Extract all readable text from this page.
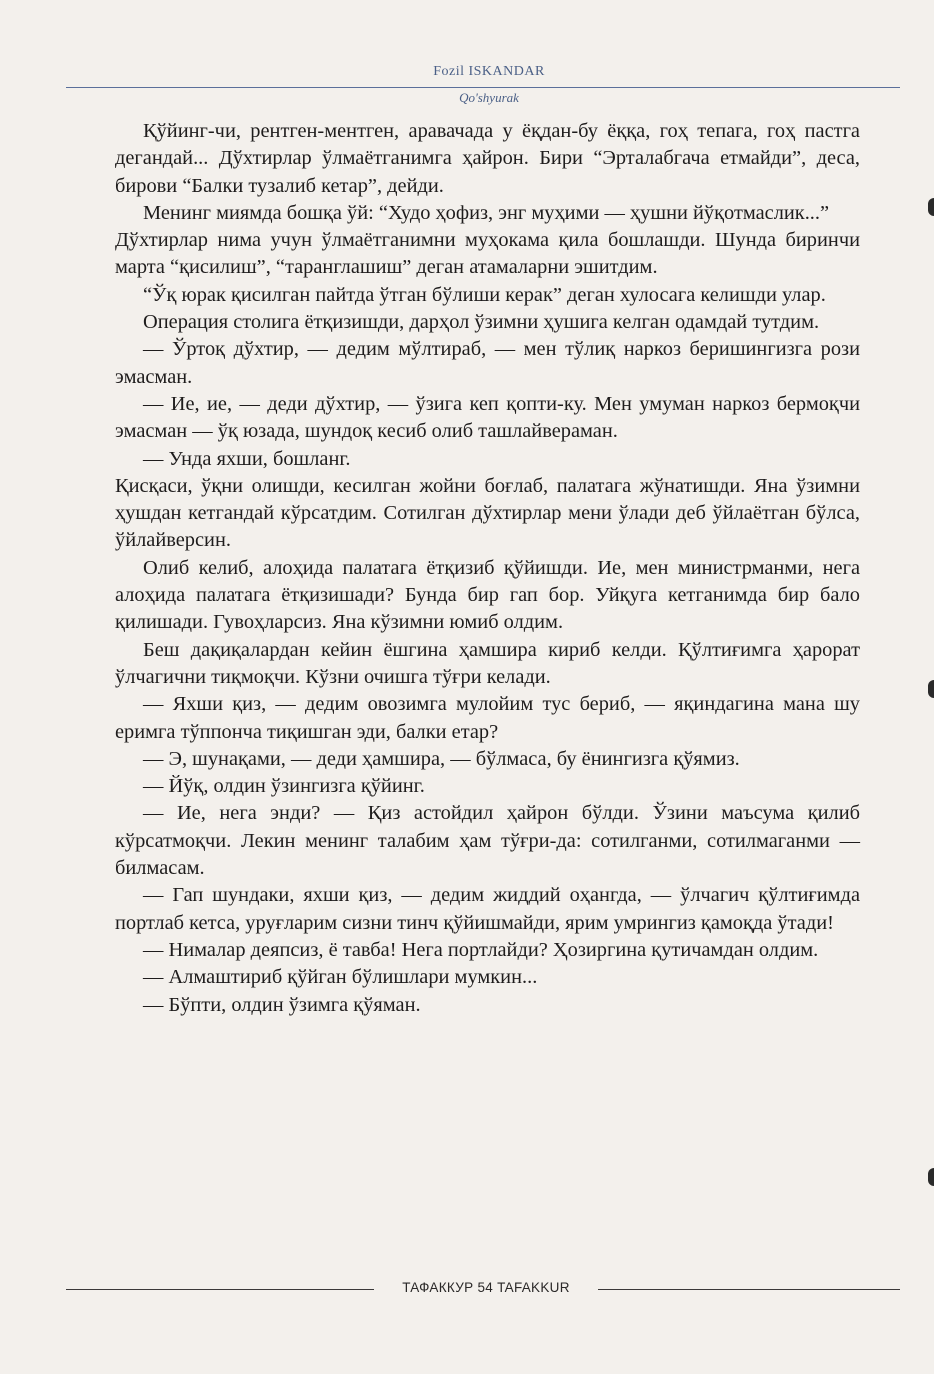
Fozil ISKANDAR
Qo'shyurak

Қўйинг-чи, рентген-ментген, аравачада у ёқдан-бу ёққа, гоҳ тепага, гоҳ пастга дегандай... Дўхтирлар ўлмаётганимга ҳайрон. Бири “Эрталабгача етмайди”, деса, бирови “Балки тузалиб кетар”, дейди.

Менинг миямда бошқа ўй: “Худо ҳофиз, энг муҳими — ҳушни йўқотмаслик...”

Дўхтирлар нима учун ўлмаётганимни муҳокама қила бошлашди. Шунда биринчи марта “қисилиш”, “таранглашиш” деган атамаларни эшитдим.

“Ўқ юрак қисилган пайтда ўтган бўлиши керак” деган хулосага келишди улар.

Операция столига ётқизишди, дарҳол ўзимни ҳушига келган одамдай тутдим.

— Ўртоқ дўхтир, — дедим мўлтираб, — мен тўлиқ наркоз беришингизга рози эмасман.

— Ие, ие, — деди дўхтир, — ўзига кеп қопти-ку. Мен умуман наркоз бермоқчи эмасман — ўқ юзада, шундоқ кесиб олиб ташлайвераман.

— Унда яхши, бошланг.

Қисқаси, ўқни олишди, кесилган жойни боғлаб, палатага жўнатишди. Яна ўзимни ҳушдан кетгандай кўрсатдим. Сотилган дўхтирлар мени ўлади деб ўйлаётган бўлса, ўйлайверсин.

Олиб келиб, алоҳида палатага ётқизиб қўйишди. Ие, мен министрманми, нега алоҳида палатага ётқизишади? Бунда бир гап бор. Уйқуга кетганимда бир бало қилишади. Гувоҳларсиз. Яна кўзимни юмиб олдим.

Беш дақиқалардан кейин ёшгина ҳамшира кириб келди. Қўлтиғимга ҳарорат ўлчагични тиқмоқчи. Кўзни очишга тўғри келади.

— Яхши қиз, — дедим овозимга мулойим тус бериб, — яқиндагина мана шу еримга тўппонча тиқишган эди, балки етар?

— Э, шунақами, — деди ҳамшира, — бўлмаса, бу ёнингизга қўямиз.

— Йўқ, олдин ўзингизга қўйинг.

— Ие, нега энди? — Қиз астойдил ҳайрон бўлди. Ўзини маъсума қилиб кўрсатмоқчи. Лекин менинг талабим ҳам тўғри-да: сотилганми, сотилмаганми — билмасам.

— Гап шундаки, яхши қиз, — дедим жиддий оҳангда, — ўлчагич қўлтиғимда портлаб кетса, уруғларим сизни тинч қўйишмайди, ярим умрингиз қамоқда ўтади!

— Нималар деяпсиз, ё тавба! Нега портлайди? Ҳозиргина қутичамдан олдим.

— Алмаштириб қўйган бўлишлари мумкин...

— Бўпти, олдин ўзимга қўяман.

ТАФАККУР 54 TAFAKKUR
